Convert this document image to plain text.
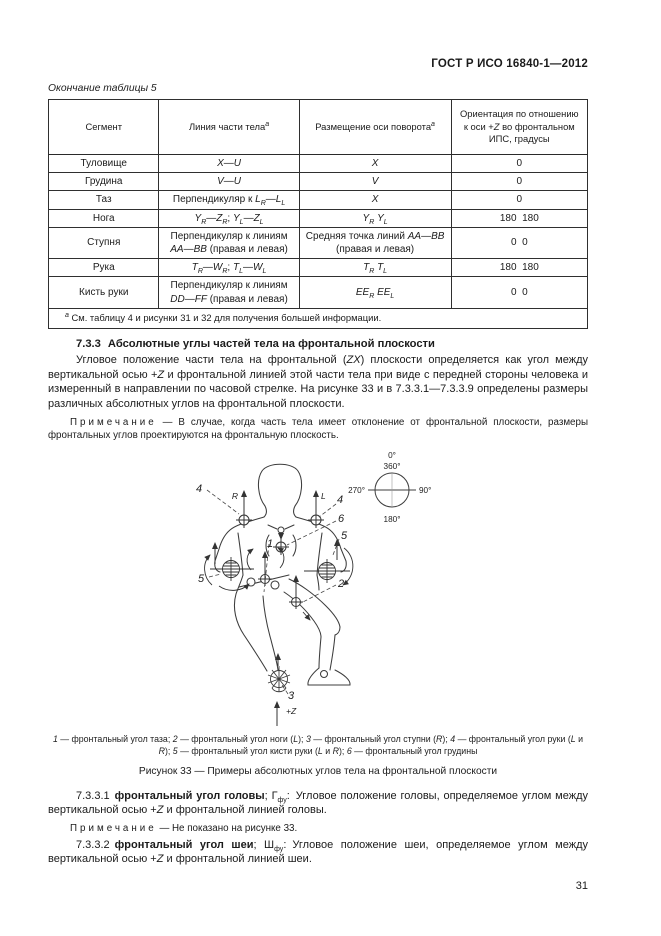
ГОСТ Р ИСО 16840-1—2012
Окончание таблицы 5
Сегмент	Линия части тела$^а$	Размещение оси поворота$^а$	Ориентация по отношению к оси +Z во фронтальном ИПС, градусы
Туловище	X—U	X	0
Грудина	V—U	V	0
Таз	Перпендикуляр к $L_R—L_L$	X	0
Нога	$Y_R—Z_R$; $Y_L—Z_L$	$Y_R$ $Y_L$	180  180
Ступня	Перпендикуляр к линиям AA—BB (правая и левая)	Средняя точка линий AA—BB (правая и левая)	0  0
Рука	$T_R—W_R$; $T_L—W_L$	$T_R$ $T_L$	180  180
Кисть руки	Перпендикуляр к линиям DD—FF (правая и левая)	$EE_R$ $EE_L$	0  0
$^а$ См. таблицу 4 и рисунки 31 и 32 для получения большей информации.			
7.3.3 Абсолютные углы частей тела на фронтальной плоскости

Угловое положение части тела на фронтальной (ZX) плоскости определяется как угол между вертикальной осью +Z и фронтальной линией этой части тела при виде с передней стороны человека и измеренный в направлении по часовой стрелке. На рисунке 33 и в 7.3.3.1—7.3.3.9 определены размеры различных абсолютных углов на фронтальной плоскости.

Примечание — В случае, когда часть тела имеет отклонение от фронтальной плоскости, размеры фронтальных углов проектируются на фронтальную плоскость.

4
4
6
5
5
1
2
3
R	L
+Z
0°
360°
270°	90°
180°
1 — фронтальный угол таза; 2 — фронтальный угол ноги (L); 3 — фронтальный угол ступни (R); 4 — фронтальный угол руки (L и R); 5 — фронтальный угол кисти руки (L и R); 6 — фронтальный угол грудины
Рисунок 33 — Примеры абсолютных углов тела на фронтальной плоскости

7.3.3.1 фронтальный угол головы; $Г_{фу}$: Угловое положение головы, определяемое углом между вертикальной осью +Z и фронтальной линией головы.

Примечание — Не показано на рисунке 33.

7.3.3.2 фронтальный угол шеи; $Ш_{фу}$: Угловое положение шеи, определяемое углом между вертикальной осью +Z и фронтальной линией шеи.

31
